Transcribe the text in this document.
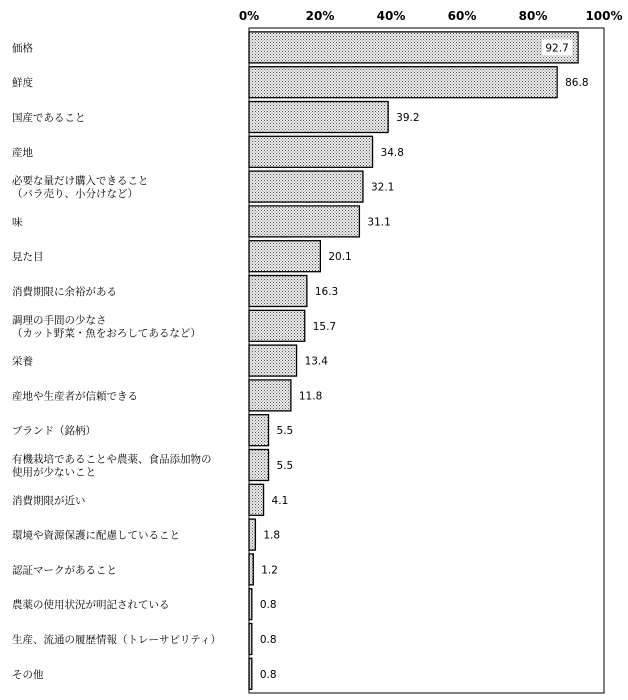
0%	20%	40%	60%	80%	100%
価格
鮮度
国産であること
産地
必要な量だけ購入できること（バラ売り、小分けなど）
味
見た目
消費期限に余裕がある
調理の手間の少なさ（カット野菜・魚をおろしてあるなど）
栄養
産地や生産者が信頼できる
ブランド（銘柄）
有機栽培であることや農薬、食品添加物の使用が少ないこと
消費期限が近い
環境や資源保護に配慮していること
認証マークがあること
農薬の使用状況が明記されている
生産、流通の履歴情報（トレーサビリティ）
その他
92.7
86.8
39.2
34.8
32.1
31.1
20.1
16.3
15.7
13.4
11.8
5.5
5.5
4.1
1.8
1.2
0.8
0.8
0.8
